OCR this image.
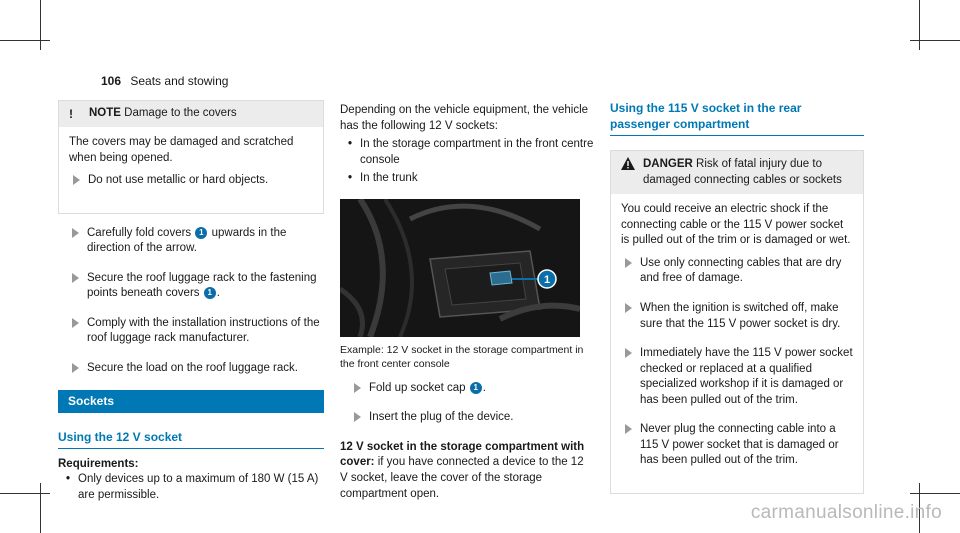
106 Seats and stowing
!	NOTE Damage to the covers
The covers may be damaged and scratched when being opened.
Do not use metallic or hard objects.
Carefully fold covers 1 upwards in the direction of the arrow.
Secure the roof luggage rack to the fastening points beneath covers 1 .
Comply with the installation instructions of the roof luggage rack manufacturer.
Secure the load on the roof luggage rack.
Sockets
Using the 12 V socket
Requirements:
• Only devices up to a maximum of 180 W (15 A) are permissible.
Depending on the vehicle equipment, the vehicle has the following 12 V sockets:
• In the storage compartment in the front centre console
• In the trunk
1
Example: 12 V socket in the storage compartment in the front center console
Fold up socket cap 1 .
Insert the plug of the device.
12 V socket in the storage compartment with cover: if you have connected a device to the 12 V socket, leave the cover of the storage compartment open.
Using the 115 V socket in the rear passenger compartment
DANGER Risk of fatal injury due to damaged connecting cables or sockets
You could receive an electric shock if the connecting cable or the 115 V power socket is pulled out of the trim or is damaged or wet.
Use only connecting cables that are dry and free of damage.
When the ignition is switched off, make sure that the 115 V power socket is dry.
Immediately have the 115 V power socket checked or replaced at a qualified specialized workshop if it is damaged or has been pulled out of the trim.
Never plug the connecting cable into a 115 V power socket that is damaged or has been pulled out of the trim.
carmanualsonline.info
